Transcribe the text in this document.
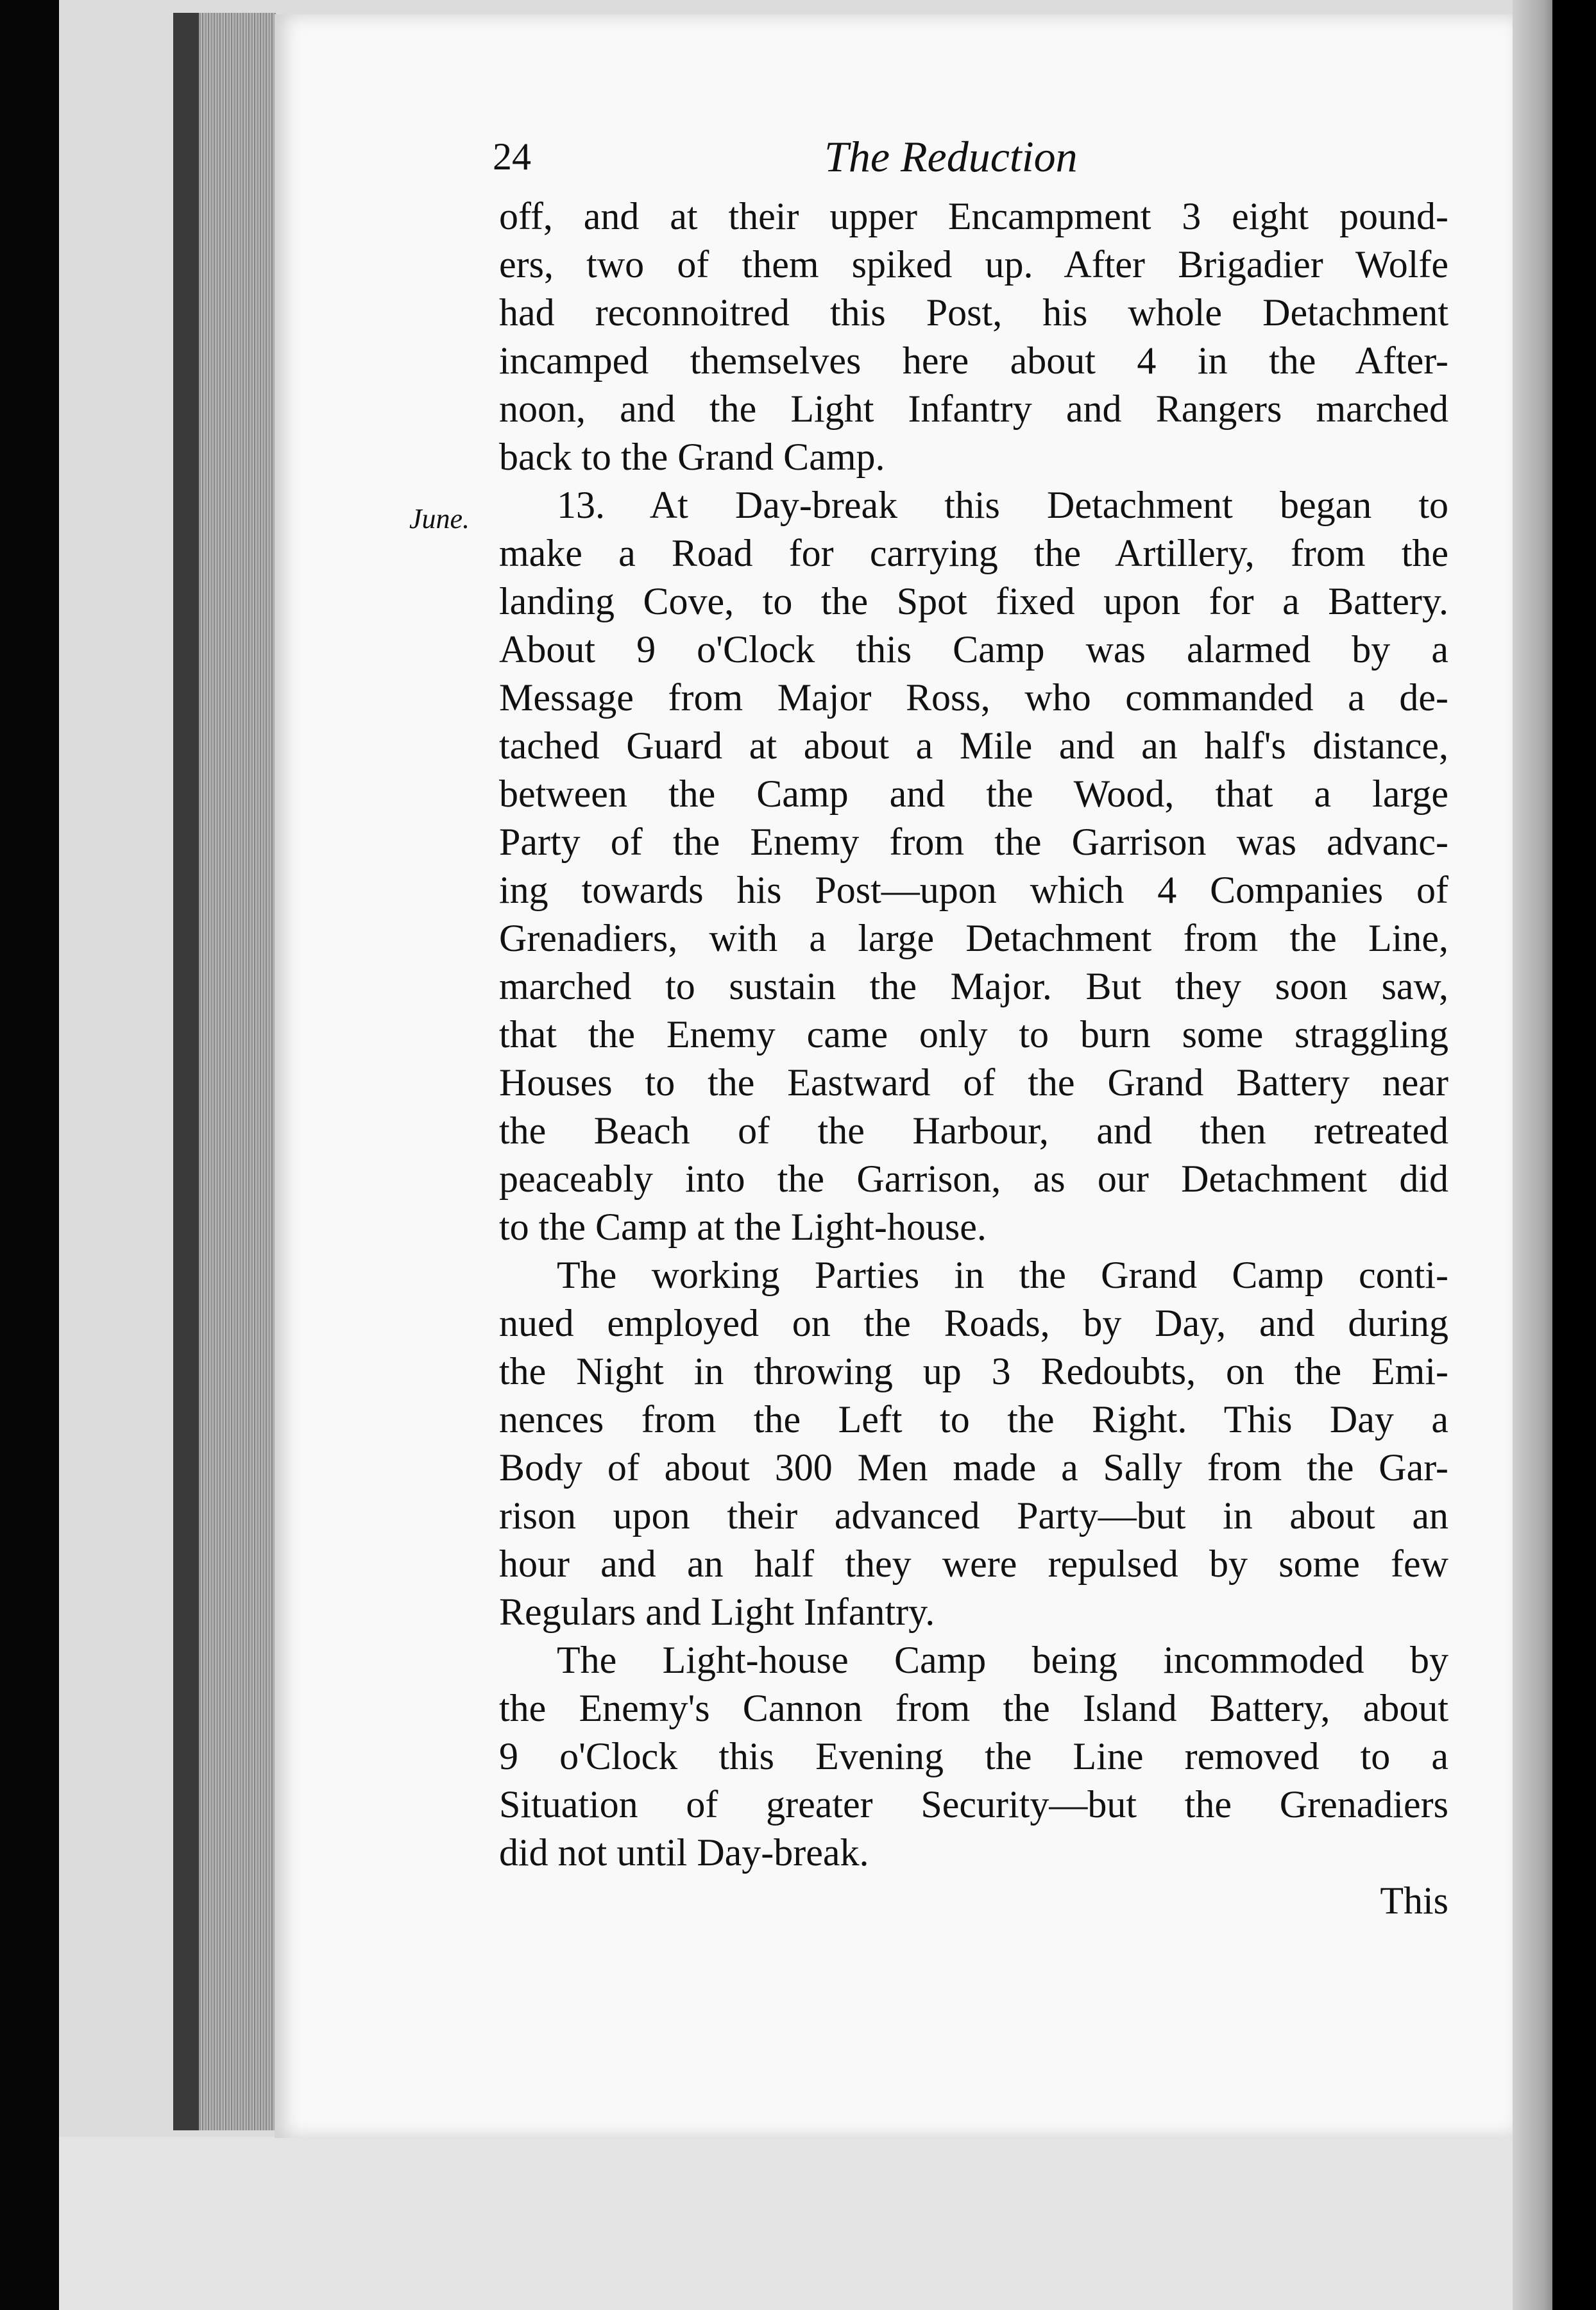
24	The Reduction
June.
off, and at their upper Encampment 3 eight pound-
ers, two of them spiked up. After Brigadier Wolfe
had reconnoitred this Post, his whole Detachment
incamped themselves here about 4 in the After-
noon, and the Light Infantry and Rangers marched
back to the Grand Camp.
13. At Day-break this Detachment began to
make a Road for carrying the Artillery, from the
landing Cove, to the Spot fixed upon for a Battery.
About 9 o'Clock this Camp was alarmed by a
Message from Major Ross, who commanded a de-
tached Guard at about a Mile and an half's distance,
between the Camp and the Wood, that a large
Party of the Enemy from the Garrison was advanc-
ing towards his Post—upon which 4 Companies of
Grenadiers, with a large Detachment from the Line,
marched to sustain the Major. But they soon saw,
that the Enemy came only to burn some straggling
Houses to the Eastward of the Grand Battery near
the Beach of the Harbour, and then retreated
peaceably into the Garrison, as our Detachment did
to the Camp at the Light-house.
The working Parties in the Grand Camp conti-
nued employed on the Roads, by Day, and during
the Night in throwing up 3 Redoubts, on the Emi-
nences from the Left to the Right. This Day a
Body of about 300 Men made a Sally from the Gar-
rison upon their advanced Party—but in about an
hour and an half they were repulsed by some few
Regulars and Light Infantry.
The Light-house Camp being incommoded by
the Enemy's Cannon from the Island Battery, about
9 o'Clock this Evening the Line removed to a
Situation of greater Security—but the Grenadiers
did not until Day-break.
This
